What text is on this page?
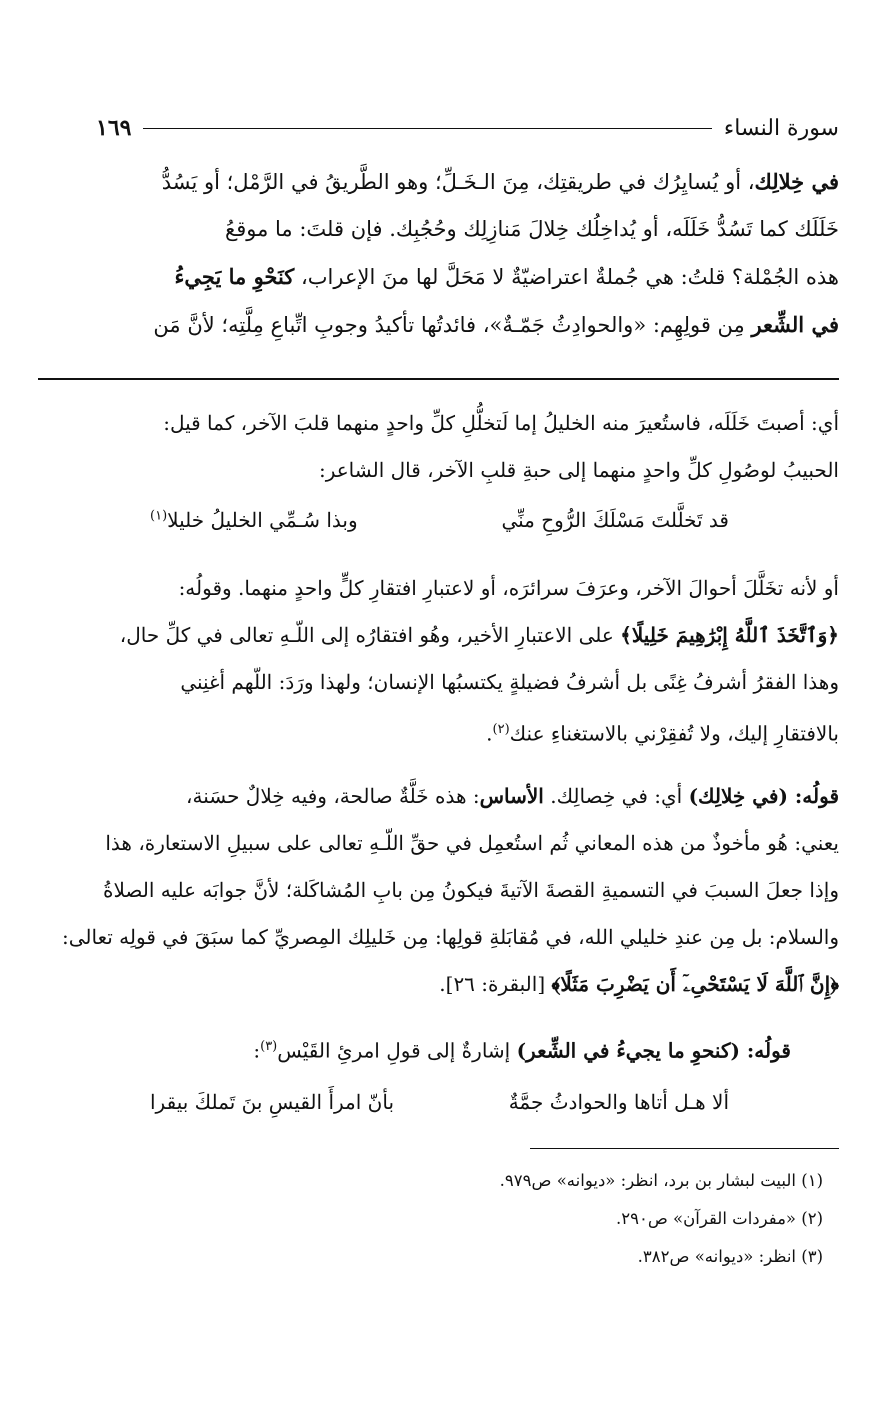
سورة النساء
١٦٩

في خِلالِك، أو يُسايِرُك في طريقتِك، مِنَ الـخَـلِّ؛ وهو الطَّريقُ في الرَّمْل؛ أو يَسُدُّ

خَلَلَك كما تَسُدُّ خَلَلَه، أو يُداخِلُك خِلالَ مَنازِلِك وحُجُبِك. فإن قلتَ: ما موقعُ

هذه الجُمْلة؟ قلتُ: هي جُملةٌ اعتراضيّةٌ لا مَحَلَّ لها منَ الإعراب، كنَحْوِ ما يَجِيءُ

في الشِّعر مِن قولِهِم: «والحوادِثُ جَمّـةٌ»، فائدتُها تأكيدُ وجوبِ اتِّباعِ مِلَّتِه؛ لأنَّ مَن

أي: أصبتَ خَلَلَه، فاستُعيرَ منه الخليلُ إما لَتخلُّلِ كلِّ واحدٍ منهما قلبَ الآخر، كما قيل:

الحبيبُ لوصُولِ كلِّ واحدٍ منهما إلى حبةِ قلبِ الآخر، قال الشاعر:

قد تَخلَّلتَ مَسْلَكَ الرُّوحِ منِّي
وبذا سُـمِّي الخليلُ خليلا$^{(١)}$

أو لأنه تخَلَّلَ أحوالَ الآخر، وعرَفَ سرائرَه، أو لاعتبارِ افتقارِ كلٍّ واحدٍ منهما. وقولُه:

﴿وَٱتَّخَذَ ٱللَّهُ إِبْرَٰهِيمَ خَلِيلًا﴾ على الاعتبارِ الأخير، وهُو افتقارُه إلى اللّـهِ تعالى في كلِّ حال،

وهذا الفقرُ أشرفُ غِنًى بل أشرفُ فضيلةٍ يكتسبُها الإنسان؛ ولهذا ورَدَ: اللّهم أغنِني

بالافتقارِ إليك، ولا تُفقِرْني بالاستغناءِ عنك$^{(٢)}$.

قولُه: (في خِلالِك) أي: في خِصالِك. الأساس: هذه خَلَّةٌ صالحة، وفيه خِلالٌ حسَنة،

يعني: هُو مأخوذٌ من هذه المعاني ثُم استُعمِل في حقِّ اللّـهِ تعالى على سبيلِ الاستعارة، هذا

وإذا جعلَ السببَ في التسميةِ القصةَ الآتيةَ فيكونُ مِن بابِ المُشاكَلة؛ لأنَّ جوابَه عليه الصلاةُ

والسلام: بل مِن عندِ خليلي الله، في مُقابَلةِ قولِها: مِن خَليلِك المِصريِّ كما سبَقَ في قولِه تعالى:

﴿إِنَّ ٱللَّهَ لَا يَسْتَحْىِۦٓ أَن يَضْرِبَ مَثَلًا﴾ [البقرة: ٢٦].

قولُه: (كنحوِ ما يجيءُ في الشِّعر) إشارةٌ إلى قولِ امرئِ القَيْس$^{(٣)}$:

ألا هـل أتاها والحوادثُ جمَّةٌ
بأنّ امرأَ القيسِ بنَ تَملكَ بيقرا

(١) البيت لبشار بن برد، انظر: «ديوانه» ص٩٧٩.

(٢) «مفردات القرآن» ص٢٩٠.

(٣) انظر: «ديوانه» ص٣٨٢.
